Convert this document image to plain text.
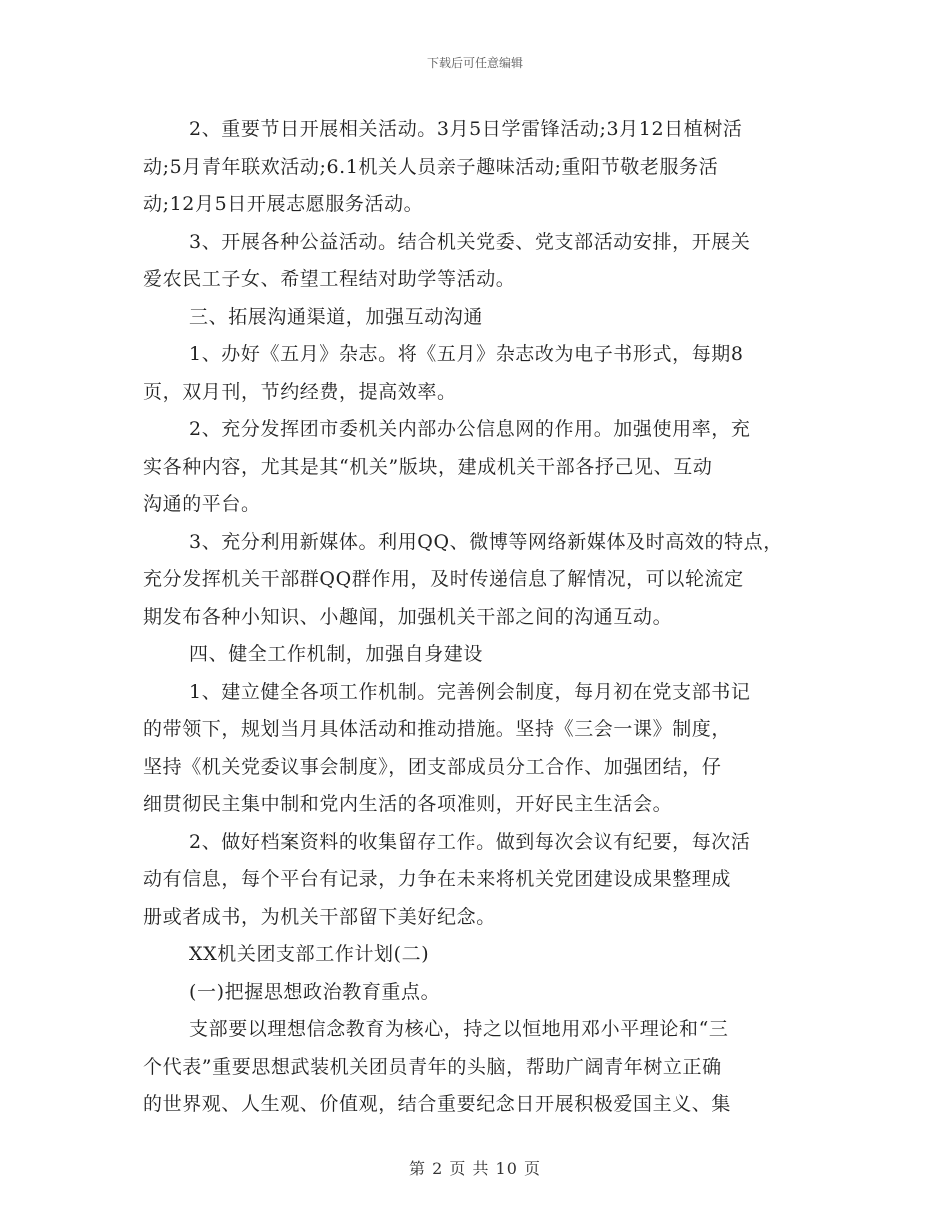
下载后可任意编辑
2、重要节日开展相关活动。3月5日学雷锋活动;3月12日植树活
动;5月青年联欢活动;6.1机关人员亲子趣味活动;重阳节敬老服务活
动;12月5日开展志愿服务活动。
3、开展各种公益活动。结合机关党委、党支部活动安排，开展关
爱农民工子女、希望工程结对助学等活动。
三、拓展沟通渠道，加强互动沟通
1、办好《五月》杂志。将《五月》杂志改为电子书形式，每期8
页，双月刊，节约经费，提高效率。
2、充分发挥团市委机关内部办公信息网的作用。加强使用率，充
实各种内容，尤其是其“机关”版块，建成机关干部各抒己见、互动
沟通的平台。
3、充分利用新媒体。利用QQ、微博等网络新媒体及时高效的特点，
充分发挥机关干部群QQ群作用，及时传递信息了解情况，可以轮流定
期发布各种小知识、小趣闻，加强机关干部之间的沟通互动。
四、健全工作机制，加强自身建设
1、建立健全各项工作机制。完善例会制度，每月初在党支部书记
的带领下，规划当月具体活动和推动措施。坚持《三会一课》制度，
坚持《机关党委议事会制度》，团支部成员分工合作、加强团结，仔
细贯彻民主集中制和党内生活的各项准则，开好民主生活会。
2、做好档案资料的收集留存工作。做到每次会议有纪要，每次活
动有信息，每个平台有记录，力争在未来将机关党团建设成果整理成
册或者成书，为机关干部留下美好纪念。
XX机关团支部工作计划(二)
(一)把握思想政治教育重点。
支部要以理想信念教育为核心，持之以恒地用邓小平理论和“三
个代表”重要思想武装机关团员青年的头脑，帮助广阔青年树立正确
的世界观、人生观、价值观，结合重要纪念日开展积极爱国主义、集
第 2 页 共 10 页
